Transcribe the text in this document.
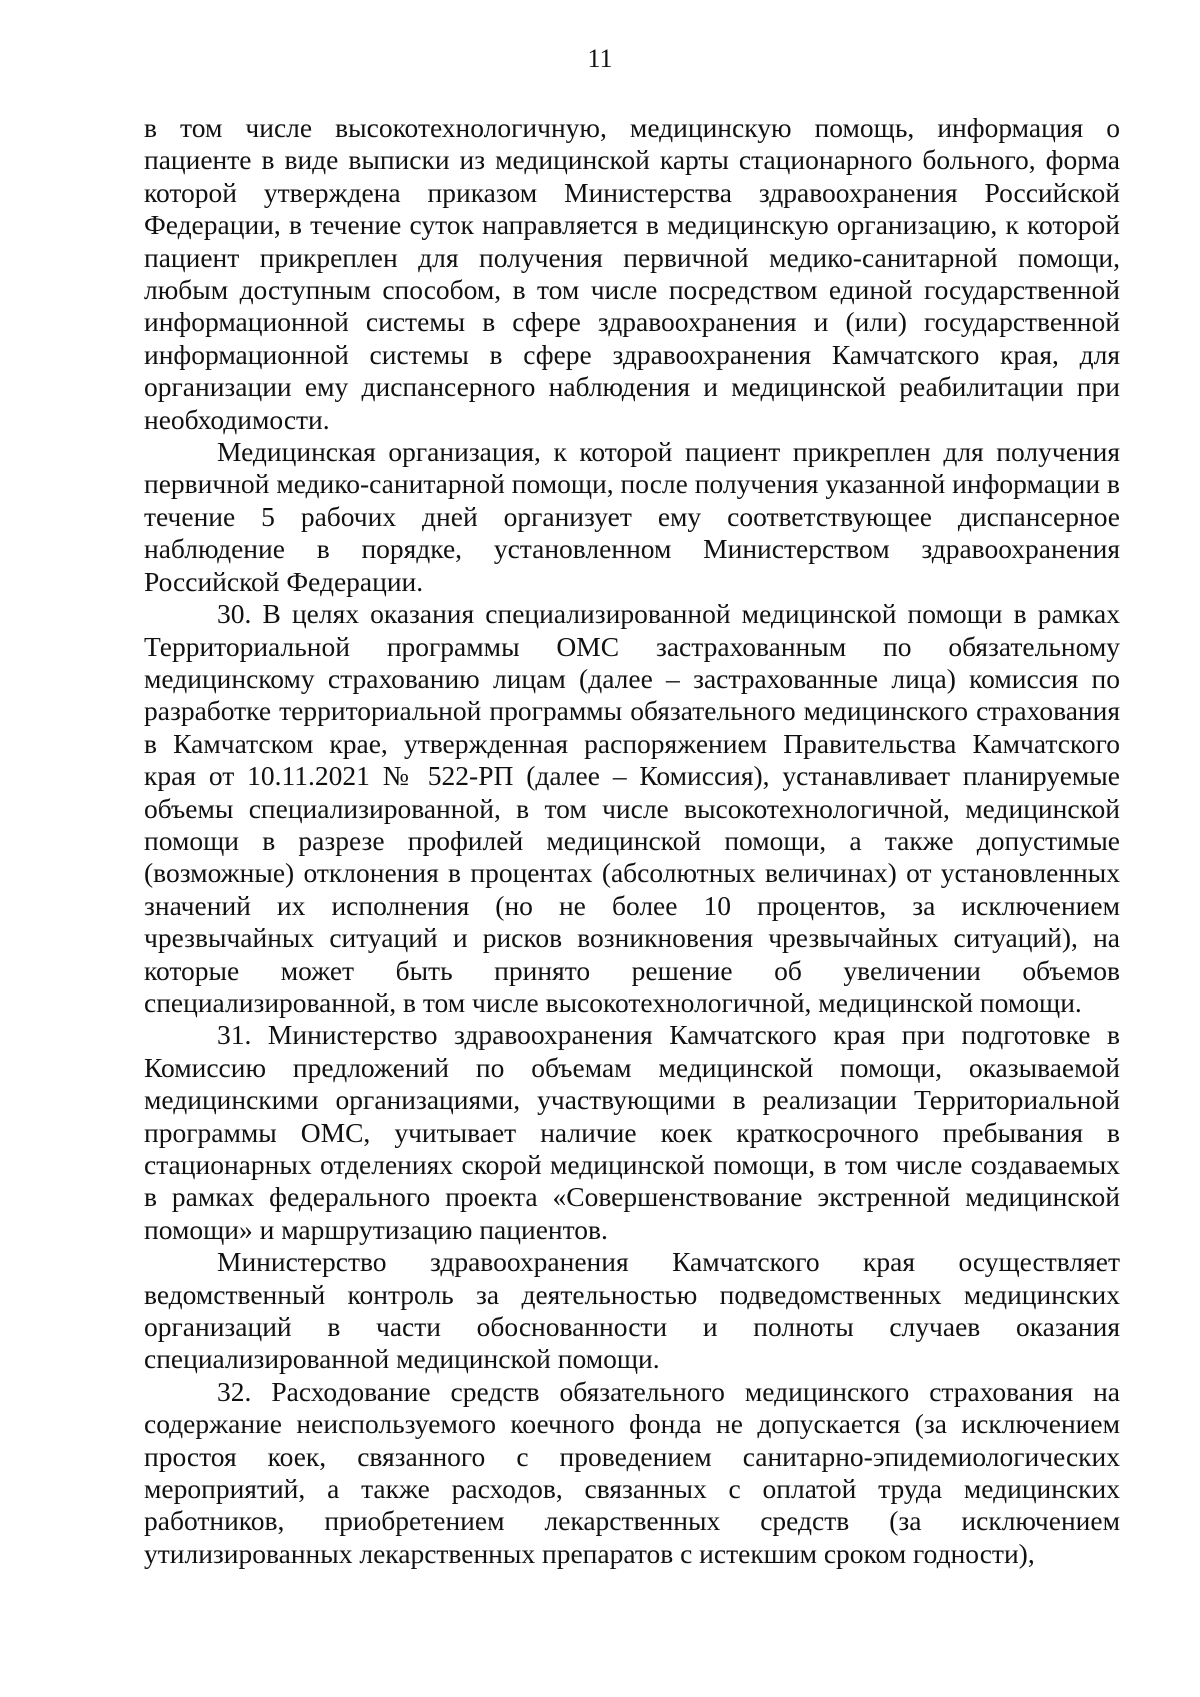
11

в том числе высокотехнологичную, медицинскую помощь, информация о пациенте в виде выписки из медицинской карты стационарного больного, форма которой утверждена приказом Министерства здравоохранения Российской Федерации, в течение суток направляется в медицинскую организацию, к которой пациент прикреплен для получения первичной медико-санитарной помощи, любым доступным способом, в том числе посредством единой государственной информационной системы в сфере здравоохранения и (или) государственной информационной системы в сфере здравоохранения Камчатского края, для организации ему диспансерного наблюдения и медицинской реабилитации при необходимости.

Медицинская организация, к которой пациент прикреплен для получения первичной медико-санитарной помощи, после получения указанной информации в течение 5 рабочих дней организует ему соответствующее диспансерное наблюдение в порядке, установленном Министерством здравоохранения Российской Федерации.

30. В целях оказания специализированной медицинской помощи в рамках Территориальной программы ОМС застрахованным по обязательному медицинскому страхованию лицам (далее – застрахованные лица) комиссия по разработке территориальной программы обязательного медицинского страхования в Камчатском крае, утвержденная распоряжением Правительства Камчатского края от 10.11.2021 № 522-РП (далее – Комиссия), устанавливает планируемые объемы специализированной, в том числе высокотехнологичной, медицинской помощи в разрезе профилей медицинской помощи, а также допустимые (возможные) отклонения в процентах (абсолютных величинах) от установленных значений их исполнения (но не более 10 процентов, за исключением чрезвычайных ситуаций и рисков возникновения чрезвычайных ситуаций), на которые может быть принято решение об увеличении объемов специализированной, в том числе высокотехнологичной, медицинской помощи.

31. Министерство здравоохранения Камчатского края при подготовке в Комиссию предложений по объемам медицинской помощи, оказываемой медицинскими организациями, участвующими в реализации Территориальной программы ОМС, учитывает наличие коек краткосрочного пребывания в стационарных отделениях скорой медицинской помощи, в том числе создаваемых в рамках федерального проекта «Совершенствование экстренной медицинской помощи» и маршрутизацию пациентов.

Министерство здравоохранения Камчатского края осуществляет ведомственный контроль за деятельностью подведомственных медицинских организаций в части обоснованности и полноты случаев оказания специализированной медицинской помощи.

32. Расходование средств обязательного медицинского страхования на содержание неиспользуемого коечного фонда не допускается (за исключением простоя коек, связанного с проведением санитарно-эпидемиологических мероприятий, а также расходов, связанных с оплатой труда медицинских работников, приобретением лекарственных средств (за исключением утилизированных лекарственных препаратов с истекшим сроком годности),
